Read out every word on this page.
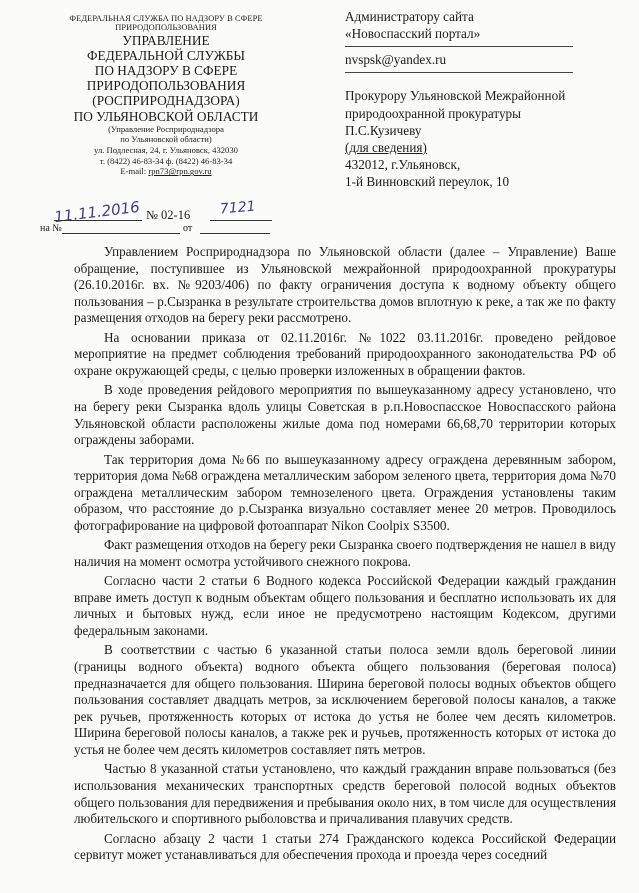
ФЕДЕРАЛЬНАЯ СЛУЖБА ПО НАДЗОРУ В СФЕРЕ
ПРИРОДОПОЛЬЗОВАНИЯ
УПРАВЛЕНИЕ
ФЕДЕРАЛЬНОЙ СЛУЖБЫ
ПО НАДЗОРУ В СФЕРЕ
ПРИРОДОПОЛЬЗОВАНИЯ
(РОСПРИРОДНАДЗОРА)
ПО УЛЬЯНОВСКОЙ ОБЛАСТИ
(Управление Росприроднадзора
по Ульяновской области)
ул. Подлесная, 24, г. Ульяновск, 432030
т. (8422) 46-83-34 ф. (8422) 46-83-34
E-mail: rpn73@rpn.gov.ru
11.11.2016 № 02-16 7121
на №	от
Администратору сайта
«Новоспасский портал»
nvspsk@yandex.ru
Прокурору Ульяновской Межрайонной
природоохранной прокуратуры
П.С.Кузичеву
(для сведения)
432012, г.Ульяновск,
1-й Винновский переулок, 10

Управлением Росприроднадзора по Ульяновской области (далее – Управление) Ваше обращение, поступившее из Ульяновской межрайонной природоохранной прокуратуры (26.10.2016г. вх. №9203/406) по факту ограничения доступа к водному объекту общего пользования – р.Сызранка в результате строительства домов вплотную к реке, а так же по факту размещения отходов на берегу реки рассмотрено.

На основании приказа от 02.11.2016г. №1022 03.11.2016г. проведено рейдовое мероприятие на предмет соблюдения требований природоохранного законодательства РФ об охране окружающей среды, с целью проверки изложенных в обращении фактов.

В ходе проведения рейдового мероприятия по вышеуказанному адресу установлено, что на берегу реки Сызранка вдоль улицы Советская в р.п.Новоспасское Новоспасского района Ульяновской области расположены жилые дома под номерами 66,68,70 территории которых ограждены заборами.

Так территория дома №66 по вышеуказанному адресу ограждена деревянным забором, территория дома №68 ограждена металлическим забором зеленого цвета, территория дома №70 ограждена металлическим забором темнозеленого цвета. Ограждения установлены таким образом, что расстояние до р.Сызранка визуально составляет менее 20 метров. Проводилось фотографирование на цифровой фотоаппарат Nikon Coolpix S3500.

Факт размещения отходов на берегу реки Сызранка своего подтверждения не нашел в виду наличия на момент осмотра устойчивого снежного покрова.

Согласно части 2 статьи 6 Водного кодекса Российской Федерации каждый гражданин вправе иметь доступ к водным объектам общего пользования и бесплатно использовать их для личных и бытовых нужд, если иное не предусмотрено настоящим Кодексом, другими федеральным законами.

В соответствии с частью 6 указанной статьи полоса земли вдоль береговой линии (границы водного объекта) водного объекта общего пользования (береговая полоса) предназначается для общего пользования. Ширина береговой полосы водных объектов общего пользования составляет двадцать метров, за исключением береговой полосы каналов, а также рек ручьев, протяженность которых от истока до устья не более чем десять километров. Ширина береговой полосы каналов, а также рек и ручьев, протяженность которых от истока до устья не более чем десять километров составляет пять метров.

Частью 8 указанной статьи установлено, что каждый гражданин вправе пользоваться (без использования механических транспортных средств береговой полосой водных объектов общего пользования для передвижения и пребывания около них, в том числе для осуществления любительского и спортивного рыболовства и причаливания плавучих средств.

Согласно абзацу 2 части 1 статьи 274 Гражданского кодекса Российской Федерации сервитут может устанавливаться для обеспечения прохода и проезда через соседний
